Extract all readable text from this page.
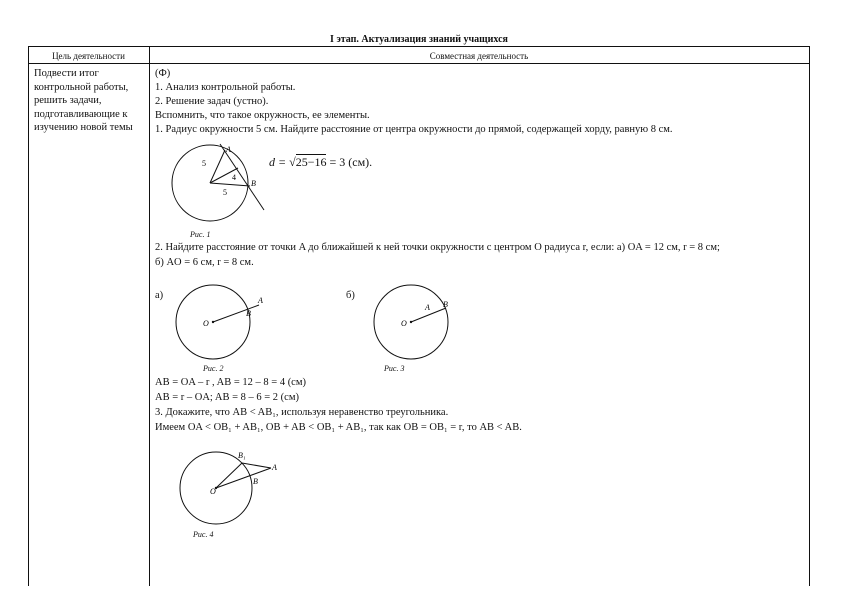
I этап. Актуализация знаний учащихся
Цель деятельности	Совместная деятельность
Подвести итог контрольной работы, решить задачи, подготавливающие к изучению новой темы
(Ф)
1. Анализ контрольной работы.
2. Решение задач (устно).
Вспомнить, что такое окружность, ее элементы.
1. Радиус окружности 5 см. Найдите расстояние от центра окружности до прямой, содержащей хорду, равную 8 см.
d = √25−16 = 3 (см).
5
5
4
A
B
Рис. 1
2. Найдите расстояние от точки A до ближайшей к ней точки окружности с центром O радиуса r, если: а) OA = 12 см, r = 8 см;
б) AO = 6 см, r = 8 см.
а)
O
A
B
Рис. 2
б)
O
A B
Рис. 3
AB = OA – r , AB = 12 – 8 = 4 (см)
AB = r – OA; AB = 8 – 6 = 2 (см)
3. Докажите, что AB < AB₁, используя неравенство треугольника.
Имеем OA < OB₁ + AB₁, OB + AB < OB₁ + AB₁, так как OB = OB₁ = r, то AB < AB.
O
A
B
B₁
Рис. 4
